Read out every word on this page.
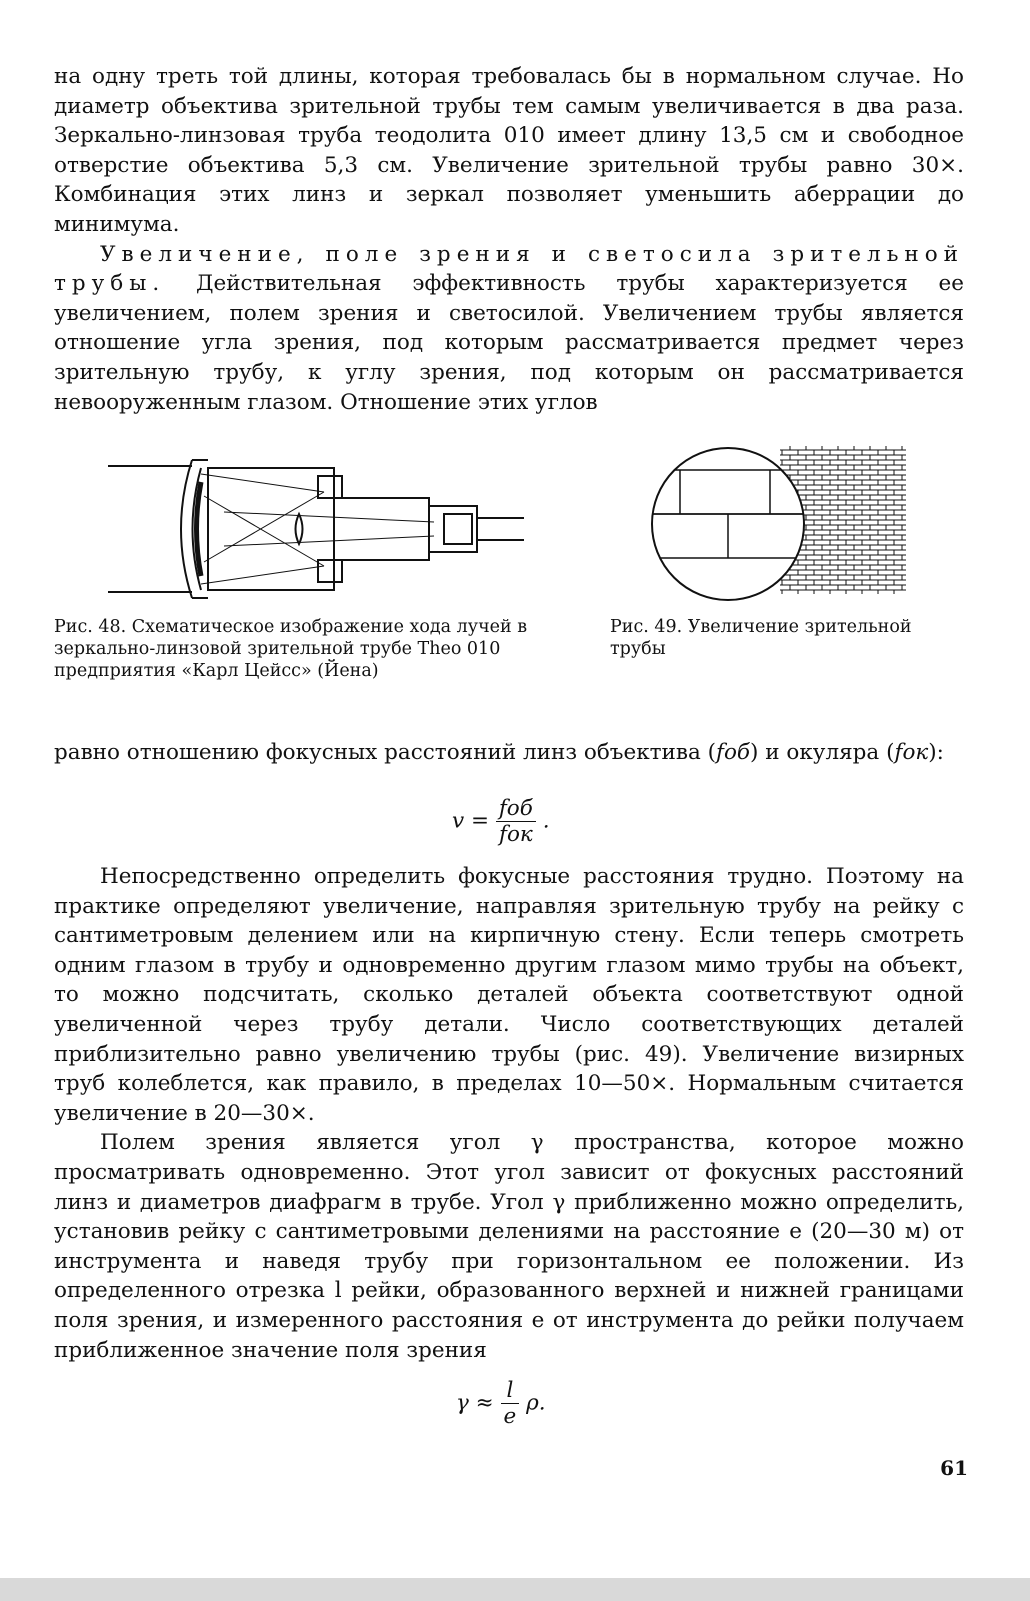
на одну треть той длины, которая требовалась бы в нормальном случае. Но диаметр объектива зрительной трубы тем самым увеличивается в два раза. Зеркально-линзовая труба теодолита 010 имеет длину 13,5 см и свободное отверстие объектива 5,3 см. Увеличение зрительной трубы равно 30×. Комбинация этих линз и зеркал позволяет уменьшить аберрации до минимума.

Увеличение, поле зрения и светосила зрительной трубы. Действительная эффективность трубы характеризуется ее увеличением, полем зрения и светосилой. Увеличением трубы является отношение угла зрения, под которым рассматривается предмет через зрительную трубу, к углу зрения, под которым он рассматривается невооруженным глазом. Отношение этих углов

Рис. 48. Схематическое изображение хода лучей в зеркально-линзовой зрительной трубе Theo 010 предприятия «Карл Цейсс» (Йена)
Рис. 49. Увеличение зрительной трубы

равно отношению фокусных расстояний линз объектива (fоб) и окуляра (fок):

$v = \frac{\text{fоб}}{\text{fок}}$ .

Непосредственно определить фокусные расстояния трудно. Поэтому на практике определяют увеличение, направляя зрительную трубу на рейку с сантиметровым делением или на кирпичную стену. Если теперь смотреть одним глазом в трубу и одновременно другим глазом мимо трубы на объект, то можно подсчитать, сколько деталей объекта соответствуют одной увеличенной через трубу детали. Число соответствующих деталей приблизительно равно увеличению трубы (рис. 49). Увеличение визирных труб колеблется, как правило, в пределах 10—50×. Нормальным считается увеличение в 20—30×.

Полем зрения является угол γ пространства, которое можно просматривать одновременно. Этот угол зависит от фокусных расстояний линз и диаметров диафрагм в трубе. Угол γ приближенно можно определить, установив рейку с сантиметровыми делениями на расстояние e (20—30 м) от инструмента и наведя трубу при горизонтальном ее положении. Из определенного отрезка l рейки, образованного верхней и нижней границами поля зрения, и измеренного расстояния e от инструмента до рейки получаем приближенное значение поля зрения

$\gamma \approx \frac{l}{e} \rho$.
61
